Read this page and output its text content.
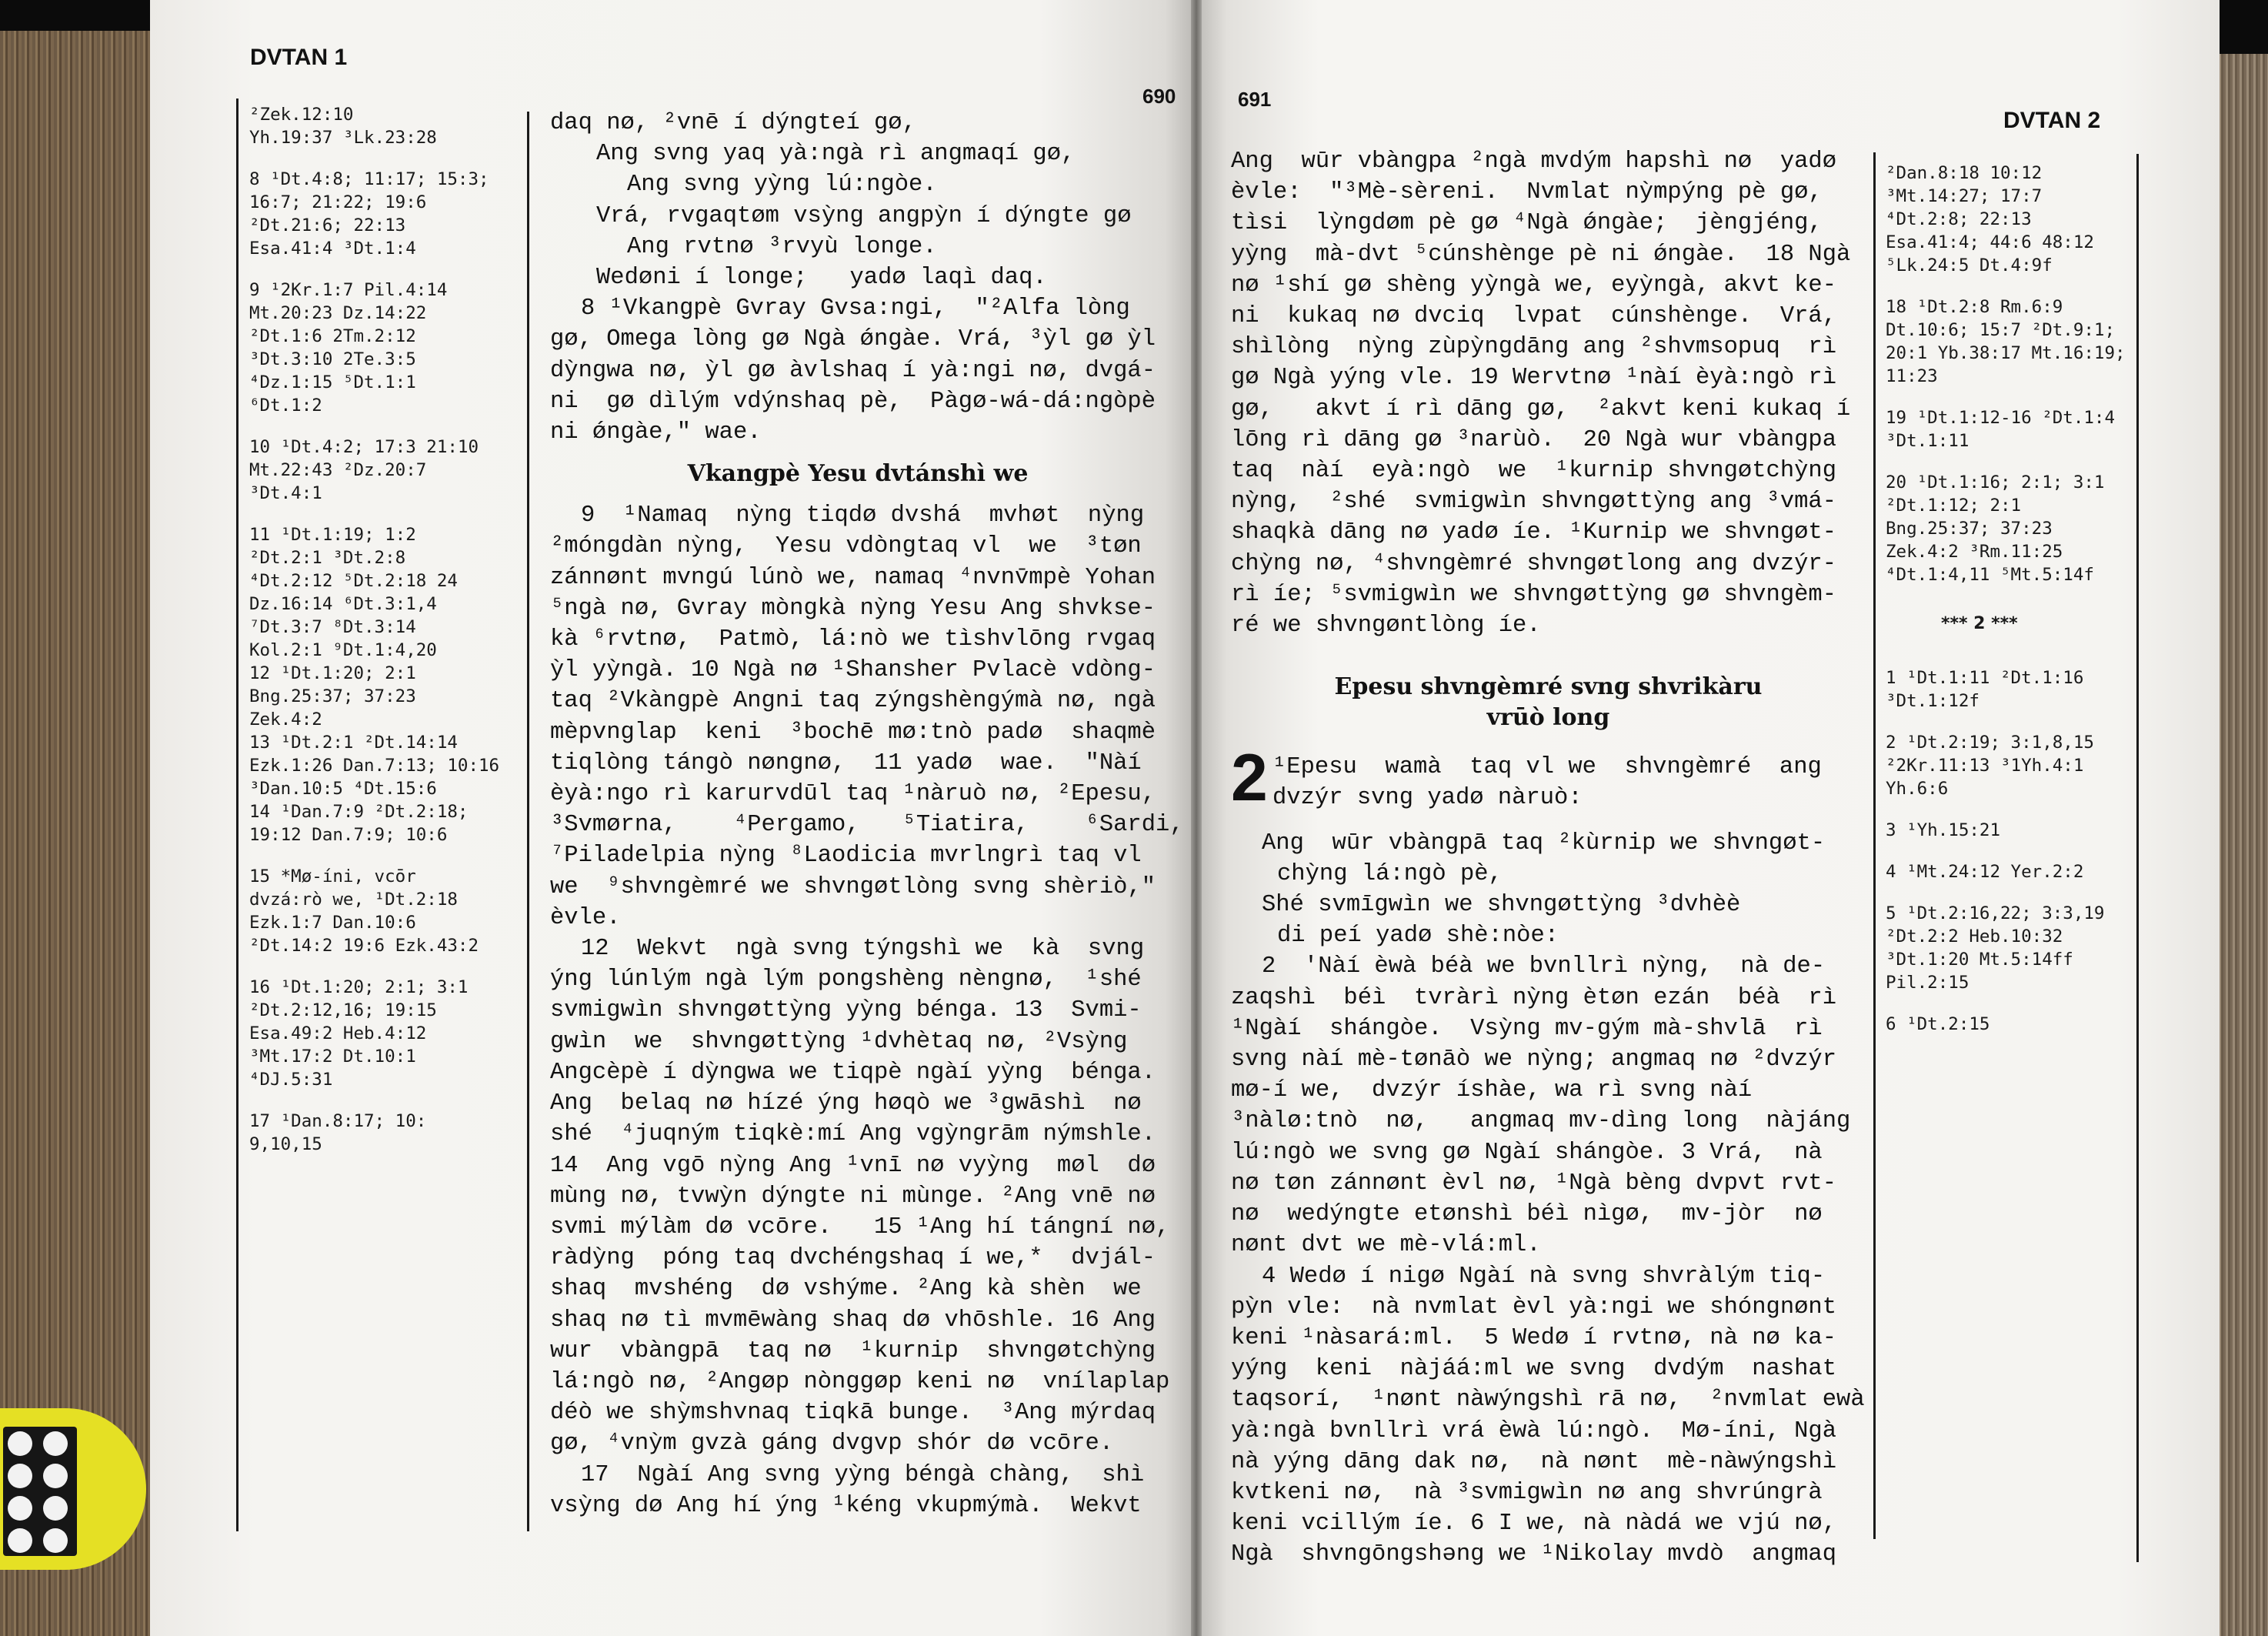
DVTAN 1
690
²Zek.12:10
Yh.19:37 ³Lk.23:28
8 ¹Dt.4:8; 11:17; 15:3;
16:7; 21:22; 19:6
²Dt.21:6; 22:13
Esa.41:4 ³Dt.1:4
9 ¹2Kr.1:7 Pil.4:14
Mt.20:23 Dz.14:22
²Dt.1:6 2Tm.2:12
³Dt.3:10 2Te.3:5
⁴Dz.1:15 ⁵Dt.1:1
⁶Dt.1:2
10 ¹Dt.4:2; 17:3 21:10
Mt.22:43 ²Dz.20:7
³Dt.4:1
11 ¹Dt.1:19; 1:2
²Dt.2:1 ³Dt.2:8
⁴Dt.2:12 ⁵Dt.2:18 24
Dz.16:14 ⁶Dt.3:1,4
⁷Dt.3:7 ⁸Dt.3:14
Kol.2:1 ⁹Dt.1:4,20
12 ¹Dt.1:20; 2:1
Bng.25:37; 37:23
Zek.4:2
13 ¹Dt.2:1 ²Dt.14:14
Ezk.1:26 Dan.7:13; 10:16
³Dan.10:5 ⁴Dt.15:6
14 ¹Dan.7:9 ²Dt.2:18;
19:12 Dan.7:9; 10:6
15 *Mø-íni, vcōr
dvzá:rò we, ¹Dt.2:18
Ezk.1:7 Dan.10:6
²Dt.14:2 19:6 Ezk.43:2
16 ¹Dt.1:20; 2:1; 3:1
²Dt.2:12,16; 19:15
Esa.49:2 Heb.4:12
³Mt.17:2 Dt.10:1
⁴DJ.5:31
17 ¹Dan.8:17; 10:
9,10,15
daq nø, ²vnē í dýngteí gø,
Ang svng yaq yà:ngà rì angmaqí gø,
Ang svng yỳng lú:ngòe.
Vrá, rvgaqtøm vsỳng angpỳn í dýngte gø
Ang rvtnø ³rvyù longe.
Wedøni í longe;   yadø laqì daq.
8 ¹Vkangpè Gvray Gvsa:ngi,  "²Alfa lòng
gø, Omega lòng gø Ngà ǿngàe. Vrá, ³ỳl gø ỳl
dỳngwa nø, ỳl gø àvlshaq í yà:ngi nø, dvgá-
ni  gø dìlým vdýnshaq pè,  Pàgø-wá-dá:ngòpè
ni ǿngàe," wae.
Vkangpè Yesu dvtánshì we
9  ¹Namaq  nỳng tiqdø dvshá  mvhøt  nỳng
²móngdàn nỳng,  Yesu vdòngtaq vl  we  ³tøn
zánnønt mvngú lúnò we, namaq ⁴nvnv̄mpè Yohan
⁵ngà nø, Gvray mòngkà nỳng Yesu Ang shvkse-
kà ⁶rvtnø,  Patmò, lá:nò we tìshvlōng rvgaq
ỳl yỳngà. 10 Ngà nø ¹Shansher Pvlacè vdòng-
taq ²Vkàngpè Angni taq zýngshèngýmà nø, ngà
mèpvnglap  keni  ³bochē mø:tnò padø  shaqmè
tiqlòng tángò nøngnø,  11 yadø  wae.  "Nàí
èyà:ngo rì karurvdūl taq ¹nàruò nø, ²Epesu,
³Svmørna,    ⁴Pergamo,   ⁵Tiatira,    ⁶Sardi,
⁷Piladelpia nỳng ⁸Laodicia mvrlngrì taq vl
we  ⁹shvngèmré we shvngøtlòng svng shèriò,"
èvle.
12  Wekvt  ngà svng týngshì we  kà  svng
ýng lúnlým ngà lým pongshèng nèngnø,  ¹shé
svmigwìn shvngøttỳng yỳng bénga. 13  Svmi-
gwìn  we  shvngøttỳng ¹dvhètaq nø, ²Vsỳng
Angcèpè í dỳngwa we tiqpè ngàí yỳng  bénga.
Ang  belaq nø hízé ýng høqò we ³gwāshì  nø
shé  ⁴juqným tiqkè:mí Ang vgỳngrām nýmshle.
14  Ang vgō nỳng Ang ¹vnī nø vyỳng  møl  dø
mùng nø, tvwỳn dýngte ni mùnge. ²Ang vnē nø
svmi mýlàm dø vcōre.   15 ¹Ang hí tángní nø,
ràdỳng  póng taq dvchéngshaq í we,*  dvjál-
shaq  mvshéng  dø vshýme. ²Ang kà shèn  we
shaq nø tì mvmēwàng shaq dø vhōshle. 16 Ang
wur  vbàngpā  taq nø  ¹kurnip  shvngøtchỳng
lá:ngò nø, ²Angøp nònggøp keni nø  vnílaplap
déò we shỳmshvnaq tiqkā bunge.  ³Ang mýrdaq
gø, ⁴vnỳm gvzà gáng dvgvp shór dø vcōre.
17  Ngàí Ang svng yỳng béngà chàng,  shì
vsỳng dø Ang hí ýng ¹kéng vkupmýmà.  Wekvt
691
DVTAN 2
Ang  wūr vbàngpa ²ngà mvdým hapshì nø  yadø
èvle:  "³Mè-sèreni.  Nvmlat nỳmpýng pè gø,
tìsi  lỳngdøm pè gø ⁴Ngà ǿngàe;  jèngjéng,
yỳng  mà-dvt ⁵cúnshènge pè ni ǿngàe.  18 Ngà
nø ¹shí gø shèng yỳngà we, eyỳngà, akvt ke-
ni  kukaq nø dvciq  lvpat  cúnshènge.  Vrá,
shìlòng  nỳng zùpỳngdāng ang ²shvmsopuq  rì
gø Ngà yýng vle. 19 Wervtnø ¹nàí èyà:ngò rì
gø,   akvt í rì dāng gø,  ²akvt keni kukaq í
lōng rì dāng gø ³narùò.  20 Ngà wur vbàngpa
taq  nàí  eyà:ngò  we  ¹kurnip shvngøtchỳng
nỳng,  ²shé  svmigwìn shvngøttỳng ang ³vmá-
shaqkà dāng nø yadø íe. ¹Kurnip we shvngøt-
chỳng nø, ⁴shvngèmré shvngøtlong ang dvzýr-
rì íe; ⁵svmigwìn we shvngøttỳng gø shvngèm-
ré we shvngøntlòng íe.
Epesu shvngèmré svng shvrikàru
vrūò long
2 ¹Epesu  wamà  taq vl we  shvngèmré  ang
dvzýr svng yadø nàruò:
Ang  wūr vbàngpā taq ²kùrnip we shvngøt-
chỳng lá:ngò pè,
Shé svmīgwìn we shvngøttỳng ³dvhèè
di peí yadø shè:nòe:
2  'Nàí èwà béà we bvnllrì nỳng,  nà de-
zaqshì  béì  tvràrì nỳng ètøn ezán  béà  rì
¹Ngàí  shángòe.  Vsỳng mv-gým mà-shvlā  rì
svng nàí mè-tønāò we nỳng; angmaq nø ²dvzýr
mø-í we,  dvzýr íshàe, wa rì svng nàí
³nàlø:tnò  nø,   angmaq mv-dìng long  nàjáng
lú:ngò we svng gø Ngàí shángòe. 3 Vrá,  nà
nø tøn zánnønt èvl nø, ¹Ngà bèng dvpvt rvt-
nø  wedýngte etønshì béì nìgø,  mv-jòr  nø
nønt dvt we mè-vlá:ml.
4 Wedø í nigø Ngàí nà svng shvràlým tiq-
pỳn vle:  nà nvmlat èvl yà:ngi we shóngnønt
keni ¹nàsará:ml.  5 Wedø í rvtnø, nà nø ka-
yýng  keni  nàjáá:ml we svng  dvdým  nashat
taqsorí,  ¹nønt nàwýngshì rā nø,  ²nvmlat ewà
yà:ngà bvnllrì vrá èwà lú:ngò.  Mø-íni, Ngà
nà yýng dāng dak nø,  nà nønt  mè-nàwýngshì
kvtkeni nø,  nà ³svmigwìn nø ang shvrúngrà
keni vcillým íe. 6 I we, nà nàdá we vjú nø,
Ngà  shvngōngshəng we ¹Nikolay mvdò  angmaq
²Dan.8:18 10:12
³Mt.14:27; 17:7
⁴Dt.2:8; 22:13
Esa.41:4; 44:6 48:12
⁵Lk.24:5 Dt.4:9f
18 ¹Dt.2:8 Rm.6:9
Dt.10:6; 15:7 ²Dt.9:1;
20:1 Yb.38:17 Mt.16:19;
11:23
19 ¹Dt.1:12-16 ²Dt.1:4
³Dt.1:11
20 ¹Dt.1:16; 2:1; 3:1
²Dt.1:12; 2:1
Bng.25:37; 37:23
Zek.4:2 ³Rm.11:25
⁴Dt.1:4,11 ⁵Mt.5:14f
*** 2 ***
1 ¹Dt.1:11 ²Dt.1:16
³Dt.1:12f
2 ¹Dt.2:19; 3:1,8,15
²2Kr.11:13 ³1Yh.4:1
Yh.6:6
3 ¹Yh.15:21
4 ¹Mt.24:12 Yer.2:2
5 ¹Dt.2:16,22; 3:3,19
²Dt.2:2 Heb.10:32
³Dt.1:20 Mt.5:14ff
Pil.2:15
6 ¹Dt.2:15
